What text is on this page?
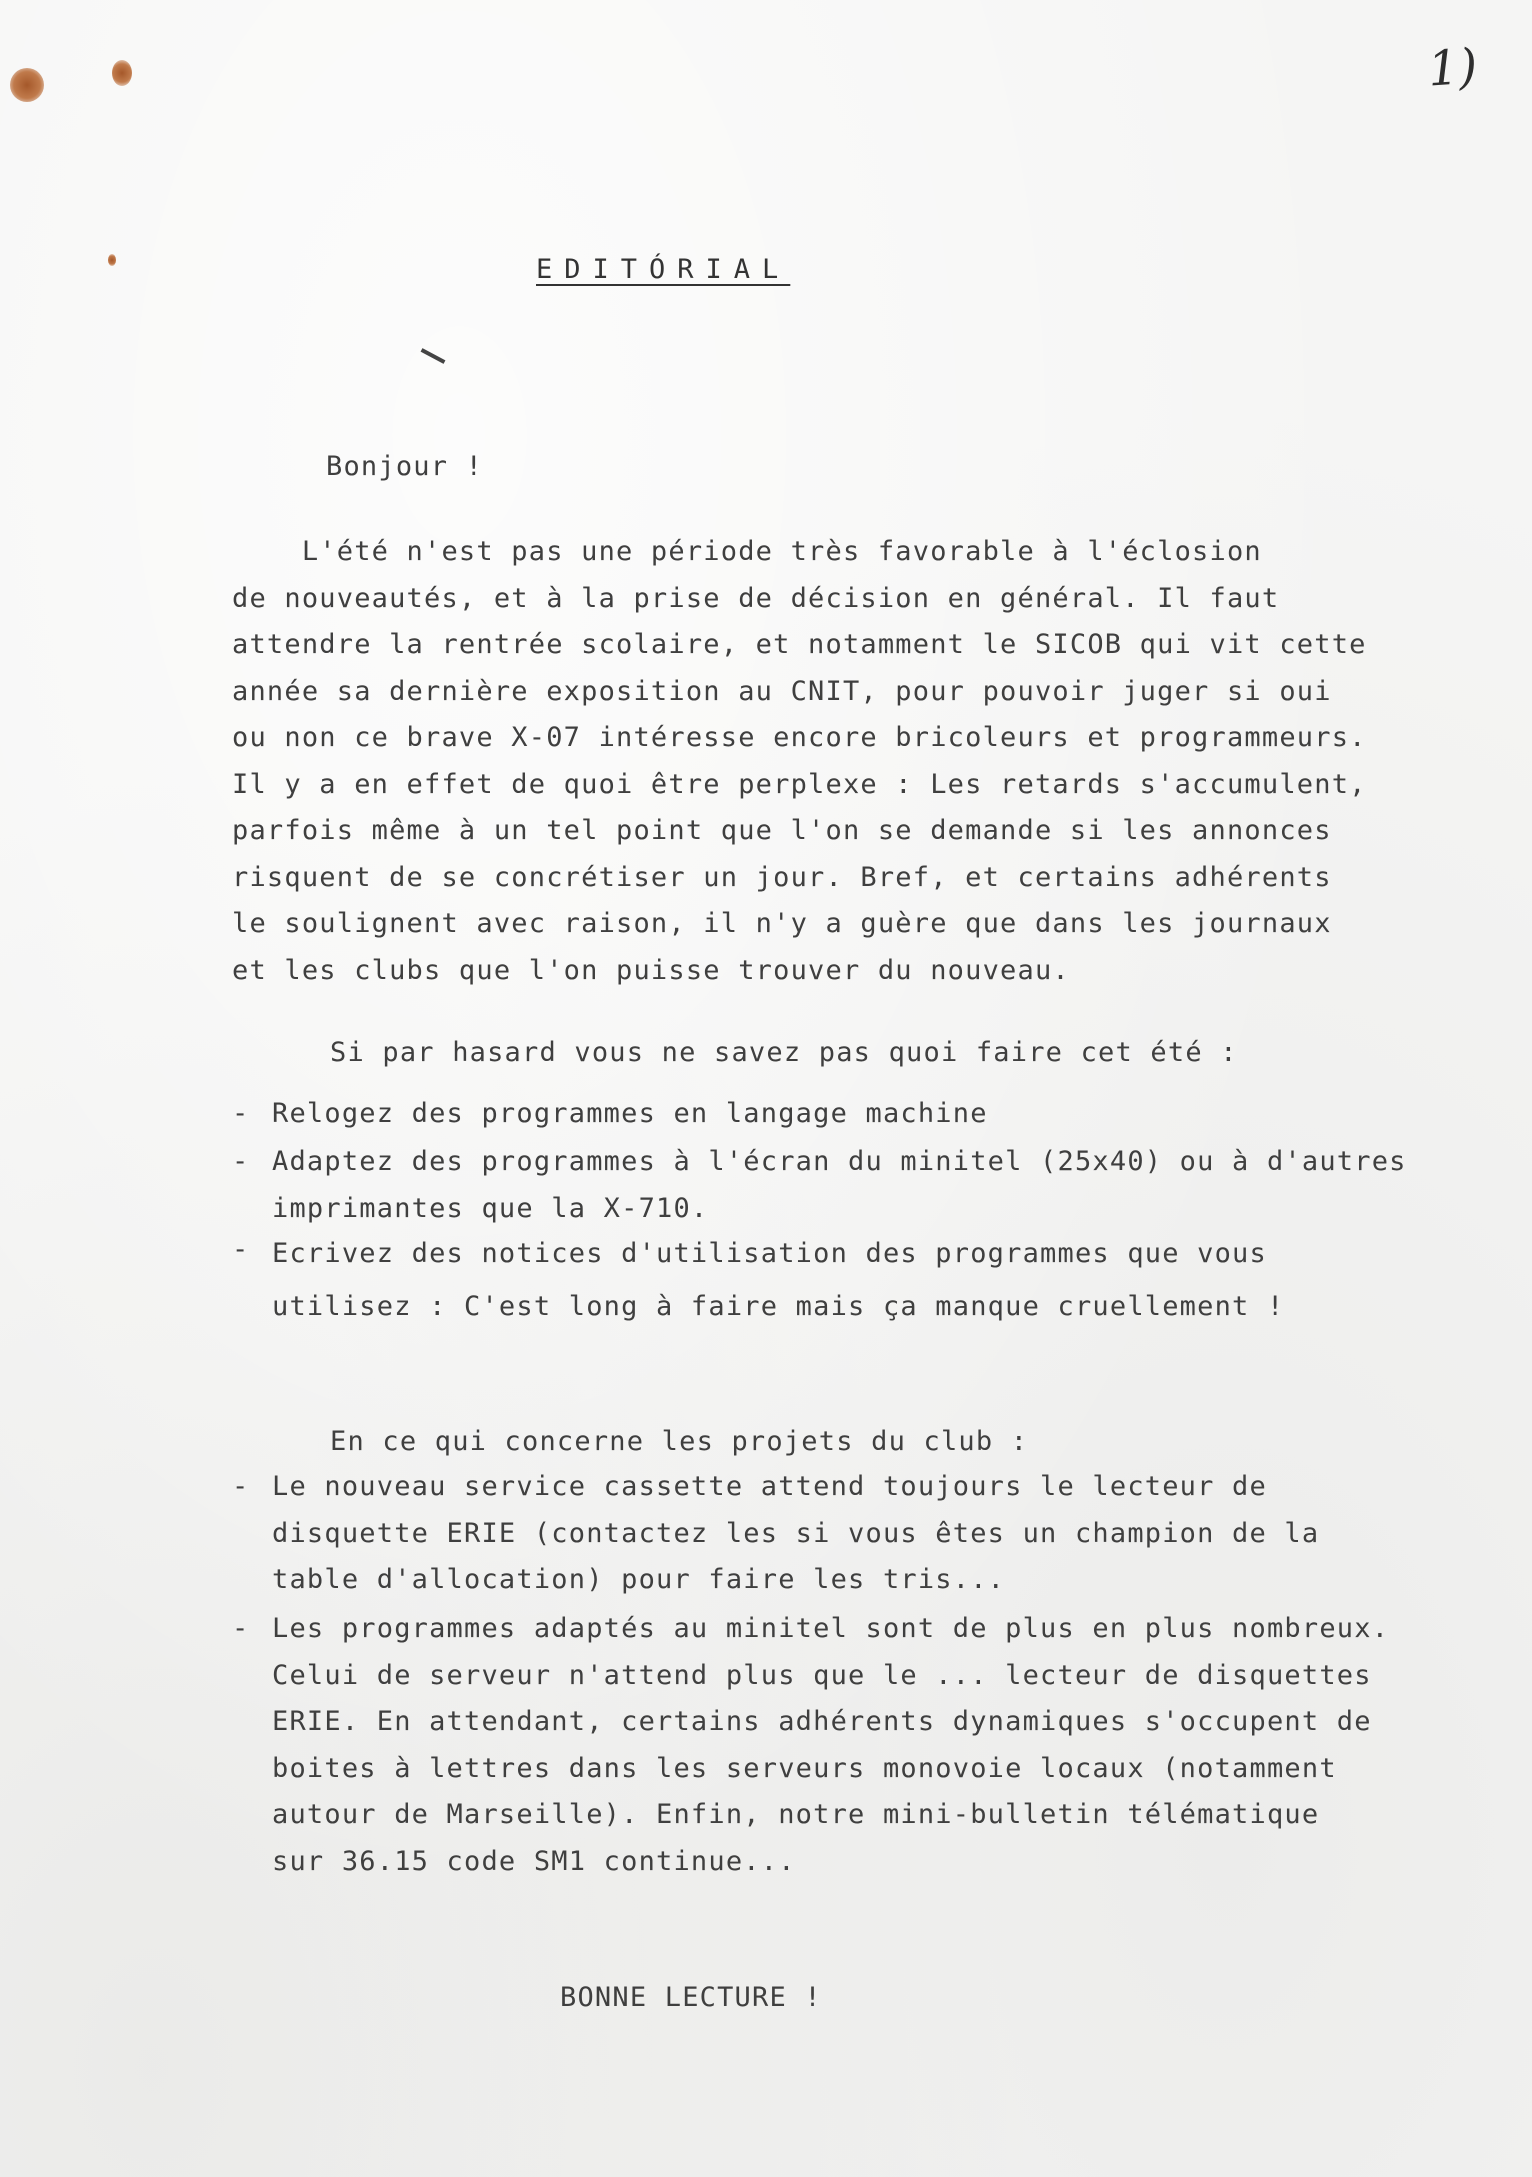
1)
EDITÓRIAL

Bonjour !

L'été n'est pas une période très favorable à l'éclosion
de nouveautés, et à la prise de décision en général. Il faut
attendre la rentrée scolaire, et notamment le SICOB qui vit cette
année sa dernière exposition au CNIT, pour pouvoir juger si oui
ou non ce brave X-07 intéresse encore bricoleurs et programmeurs.
Il y a en effet de quoi être perplexe : Les retards s'accumulent,
parfois même à un tel point que l'on se demande si les annonces
risquent de se concrétiser un jour. Bref, et certains adhérents
le soulignent avec raison, il n'y a guère que dans les journaux
et les clubs que l'on puisse trouver du nouveau.

Si par hasard vous ne savez pas quoi faire cet été :

-

Relogez des programmes en langage machine

-

Adaptez des programmes à l'écran du minitel (25x40) ou à d'autres
imprimantes que la X-710.

-

Ecrivez des notices d'utilisation des programmes que vous
utilisez : C'est long à faire mais ça manque cruellement !

En ce qui concerne les projets du club :

-

Le nouveau service cassette attend toujours le lecteur de
disquette ERIE (contactez les si vous êtes un champion de la
table d'allocation) pour faire les tris...

-

Les programmes adaptés au minitel sont de plus en plus nombreux.
Celui de serveur n'attend plus que le ... lecteur de disquettes
ERIE. En attendant, certains adhérents dynamiques s'occupent de
boites à lettres dans les serveurs monovoie locaux (notamment
autour de Marseille). Enfin, notre mini-bulletin télématique
sur 36.15 code SM1 continue...

BONNE LECTURE !
